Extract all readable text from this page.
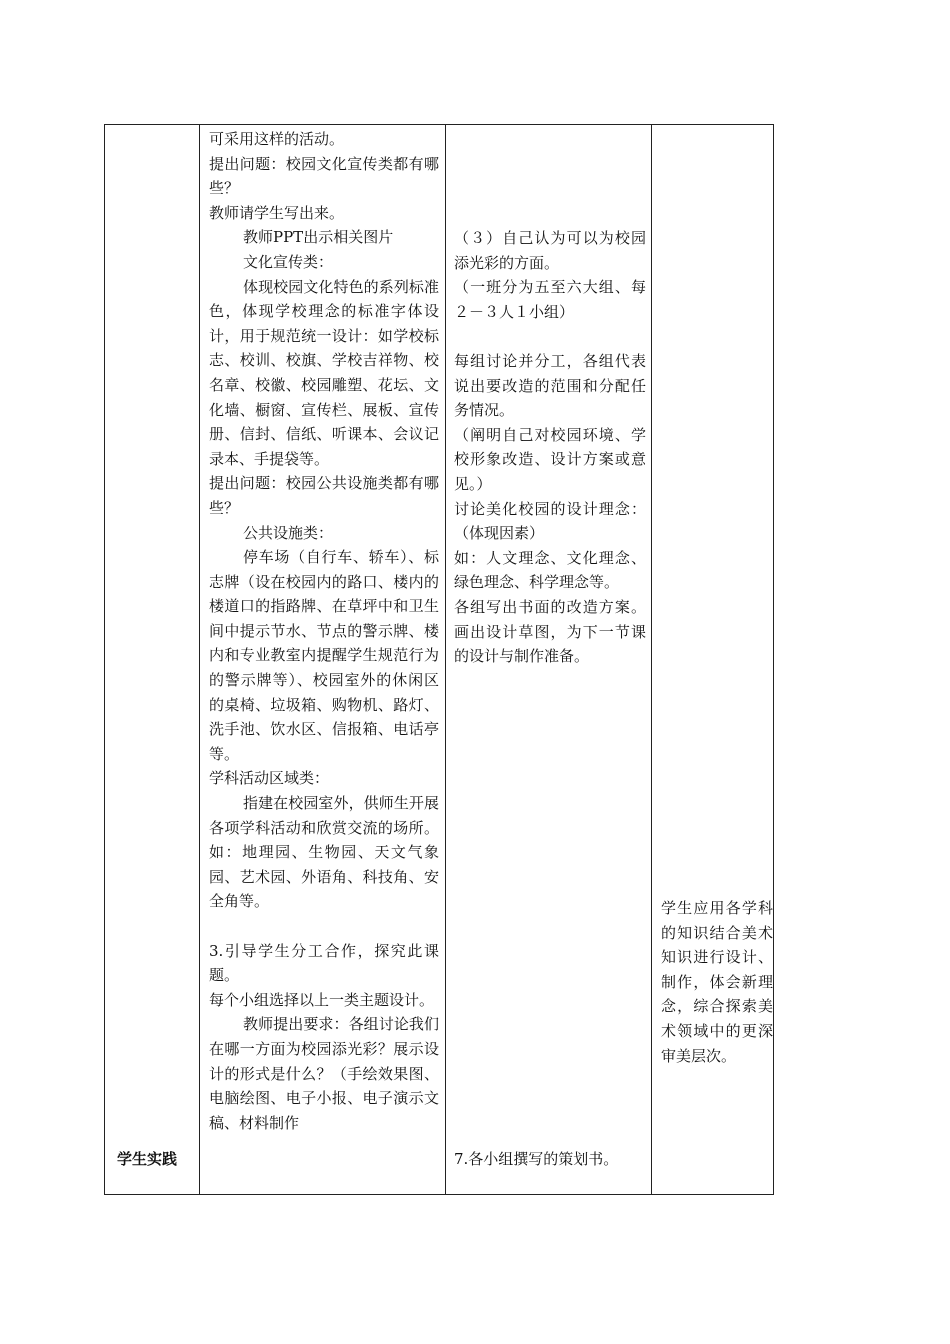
学生实践

可采用这样的活动。

提出问题：校园文化宣传类都有哪些？

教师请学生写出来。

教师PPT出示相关图片

文化宣传类：

体现校园文化特色的系列标准色，体现学校理念的标准字体设计，用于规范统一设计：如学校标志、校训、校旗、学校吉祥物、校名章、校徽、校园雕塑、花坛、文化墙、橱窗、宣传栏、展板、宣传册、信封、信纸、听课本、会议记录本、手提袋等。

提出问题：校园公共设施类都有哪些？

公共设施类：

停车场（自行车、轿车）、标志牌（设在校园内的路口、楼内的楼道口的指路牌、在草坪中和卫生间中提示节水、节点的警示牌、楼内和专业教室内提醒学生规范行为的警示牌等）、校园室外的休闲区的桌椅、垃圾箱、购物机、路灯、洗手池、饮水区、信报箱、电话亭等。

学科活动区域类：

指建在校园室外，供师生开展各项学科活动和欣赏交流的场所。如：地理园、生物园、天文气象园、艺术园、外语角、科技角、安全角等。

3.引导学生分工合作，探究此课题。

每个小组选择以上一类主题设计。

教师提出要求：各组讨论我们在哪一方面为校园添光彩？展示设计的形式是什么？（手绘效果图、电脑绘图、电子小报、电子演示文稿、材料制作

（３）自己认为可以为校园添光彩的方面。

（一班分为五至六大组、每２－３人１小组）

每组讨论并分工，各组代表说出要改造的范围和分配任务情况。

（阐明自己对校园环境、学校形象改造、设计方案或意见。）

讨论美化校园的设计理念：（体现因素）

如：人文理念、文化理念、绿色理念、科学理念等。

各组写出书面的改造方案。画出设计草图，为下一节课的设计与制作准备。

7.各小组撰写的策划书。

学生应用各学科的知识结合美术知识进行设计、制作，体会新理念，综合探索美术领域中的更深审美层次。
